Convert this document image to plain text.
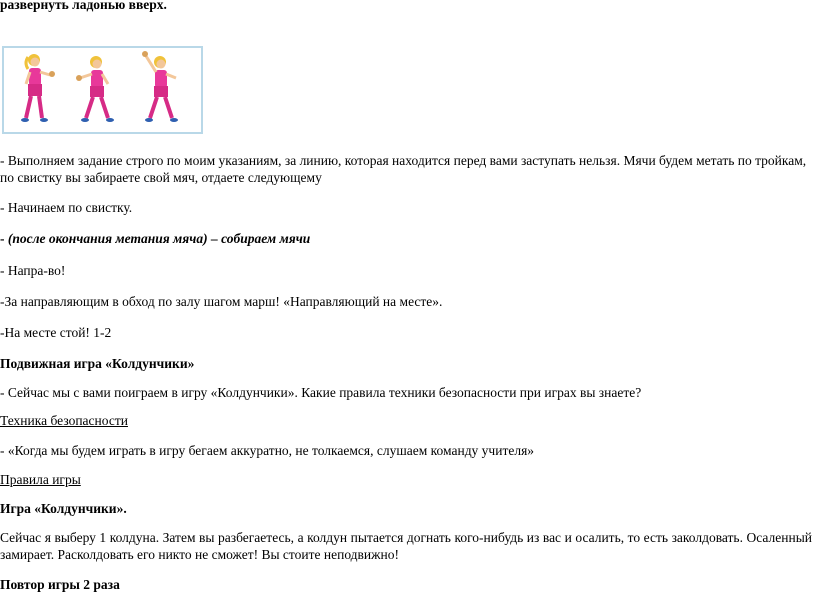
развернуть ладонью вверх.
- Выполняем задание строго по моим указаниям, за линию, которая находится перед вами заступать нельзя. Мячи будем метать по тройкам, по свистку вы забираете свой мяч, отдаете следующему
- Начинаем по свистку.
- (после окончания метания мяча) – собираем мячи
- Напра-во!
-За направляющим в обход по залу шагом марш! «Направляющий на месте».
-На месте стой! 1-2
Подвижная игра «Колдунчики»
- Сейчас мы с вами поиграем в игру «Колдунчики». Какие правила техники безопасности при играх вы знаете?
Техника безопасности
- «Когда мы будем играть в игру бегаем аккуратно, не толкаемся, слушаем команду учителя»
Правила игры
Игра «Колдунчики».
Сейчас я выберу 1 колдуна. Затем вы разбегаетесь, а колдун пытается догнать кого-нибудь из вас и осалить, то есть заколдовать. Осаленный замирает. Расколдовать его никто не сможет! Вы стоите неподвижно!
Повтор игры 2 раза
